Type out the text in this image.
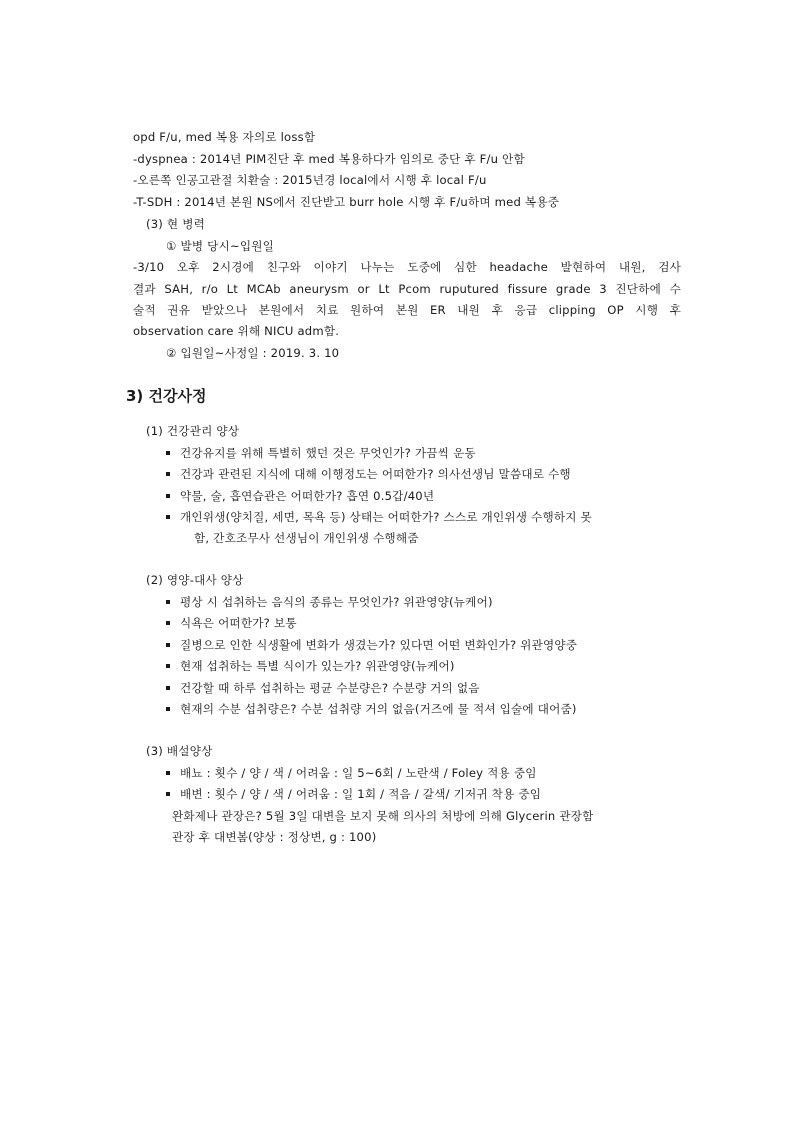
opd F/u, med 복용 자의로 loss함
-dyspnea : 2014년 PIM진단 후 med 복용하다가 임의로 중단 후 F/u 안함
-오른쪽 인공고관절 치환술 : 2015년경 local에서 시행 후 local F/u
-T-SDH : 2014년 본원 NS에서 진단받고 burr hole 시행 후 F/u하며 med 복용중
(3) 현 병력
① 발병 당시~입원일
-3/10 오후 2시경에 친구와 이야기 나누는 도중에 심한 headache 발현하여 내원, 검사
결과 SAH, r/o Lt MCAb aneurysm or Lt Pcom ruputured fissure grade 3 진단하에 수
술적 권유 받았으나 본원에서 치료 원하여 본원 ER 내원 후 응급 clipping OP 시행 후
observation care 위해 NICU adm함.
② 입원일~사정일 : 2019. 3. 10
3) 건강사정
(1) 건강관리 양상
건강유지를 위해 특별히 했던 것은 무엇인가? 가끔씩 운동
건강과 관련된 지식에 대해 이행정도는 어떠한가? 의사선생님 말씀대로 수행
약물, 술, 흡연습관은 어떠한가? 흡연 0.5갑/40년
개인위생(양치질, 세면, 목욕 등) 상태는 어떠한가? 스스로 개인위생 수행하지 못
함, 간호조무사 선생님이 개인위생 수행해줌
(2) 영양-대사 양상
평상 시 섭취하는 음식의 종류는 무엇인가? 위관영양(뉴케어)
식욕은 어떠한가? 보통
질병으로 인한 식생활에 변화가 생겼는가? 있다면 어떤 변화인가? 위관영양중
현재 섭취하는 특별 식이가 있는가? 위관영양(뉴케어)
건강할 때 하루 섭취하는 평균 수분량은? 수분량 거의 없음
현재의 수분 섭취량은? 수분 섭취량 거의 없음(거즈에 물 적셔 입술에 대어줌)
(3) 배설양상
배뇨 : 횟수 / 양 / 색 / 어려움 : 일 5~6회 / 노란색 / Foley 적용 중임
배변 : 횟수 / 양 / 색 / 어려움 : 일 1회 / 적음 / 갈색/ 기저귀 착용 중임
완화제나 관장은? 5월 3일 대변을 보지 못해 의사의 처방에 의해 Glycerin 관장함
관장 후 대변봄(양상 : 정상변, g : 100)
